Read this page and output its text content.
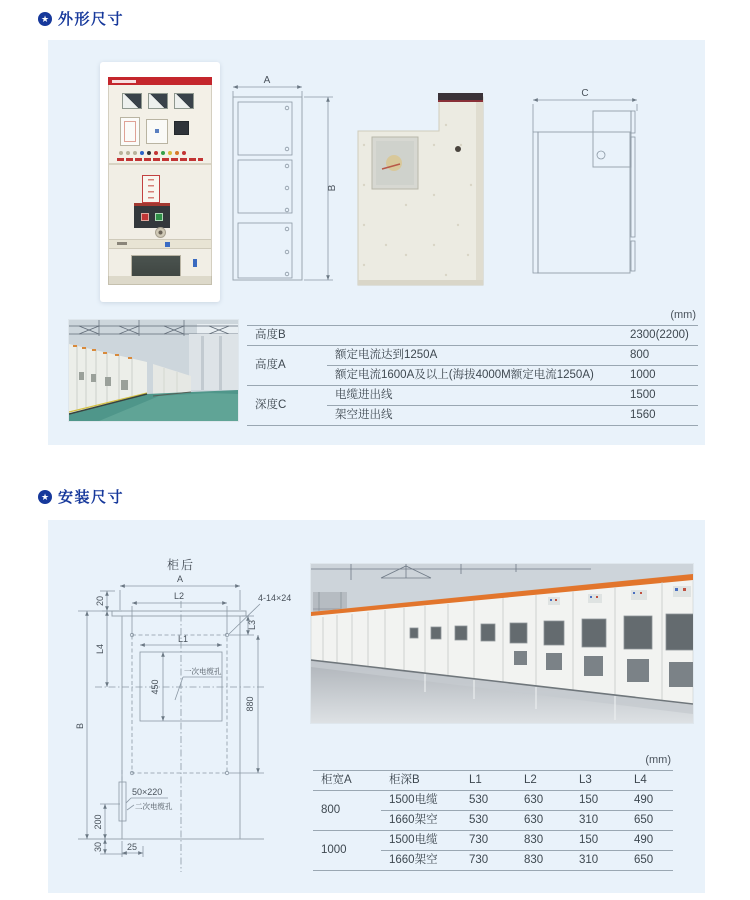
★ 外形尺寸
A
B
C
(mm)
高度B		2300(2200)
高度A	额定电流达到1250A	800
	额定电流1600A及以上(海拔4000M额定电流1250A)	1000
深度C	电缆进出线	1500
	架空进出线	1560
★ 安装尺寸
柜后
A
L2
20	4-14×24
L3
880
L4
B
L1
450
一次电缆孔
50×220
二次电缆孔
200
30	25
(mm)
柜宽A	柜深B	L1	L2	L3	L4
800	1500电缆	530	630	150	490
	1660架空	530	630	310	650
1000	1500电缆	730	830	150	490
	1660架空	730	830	310	650
